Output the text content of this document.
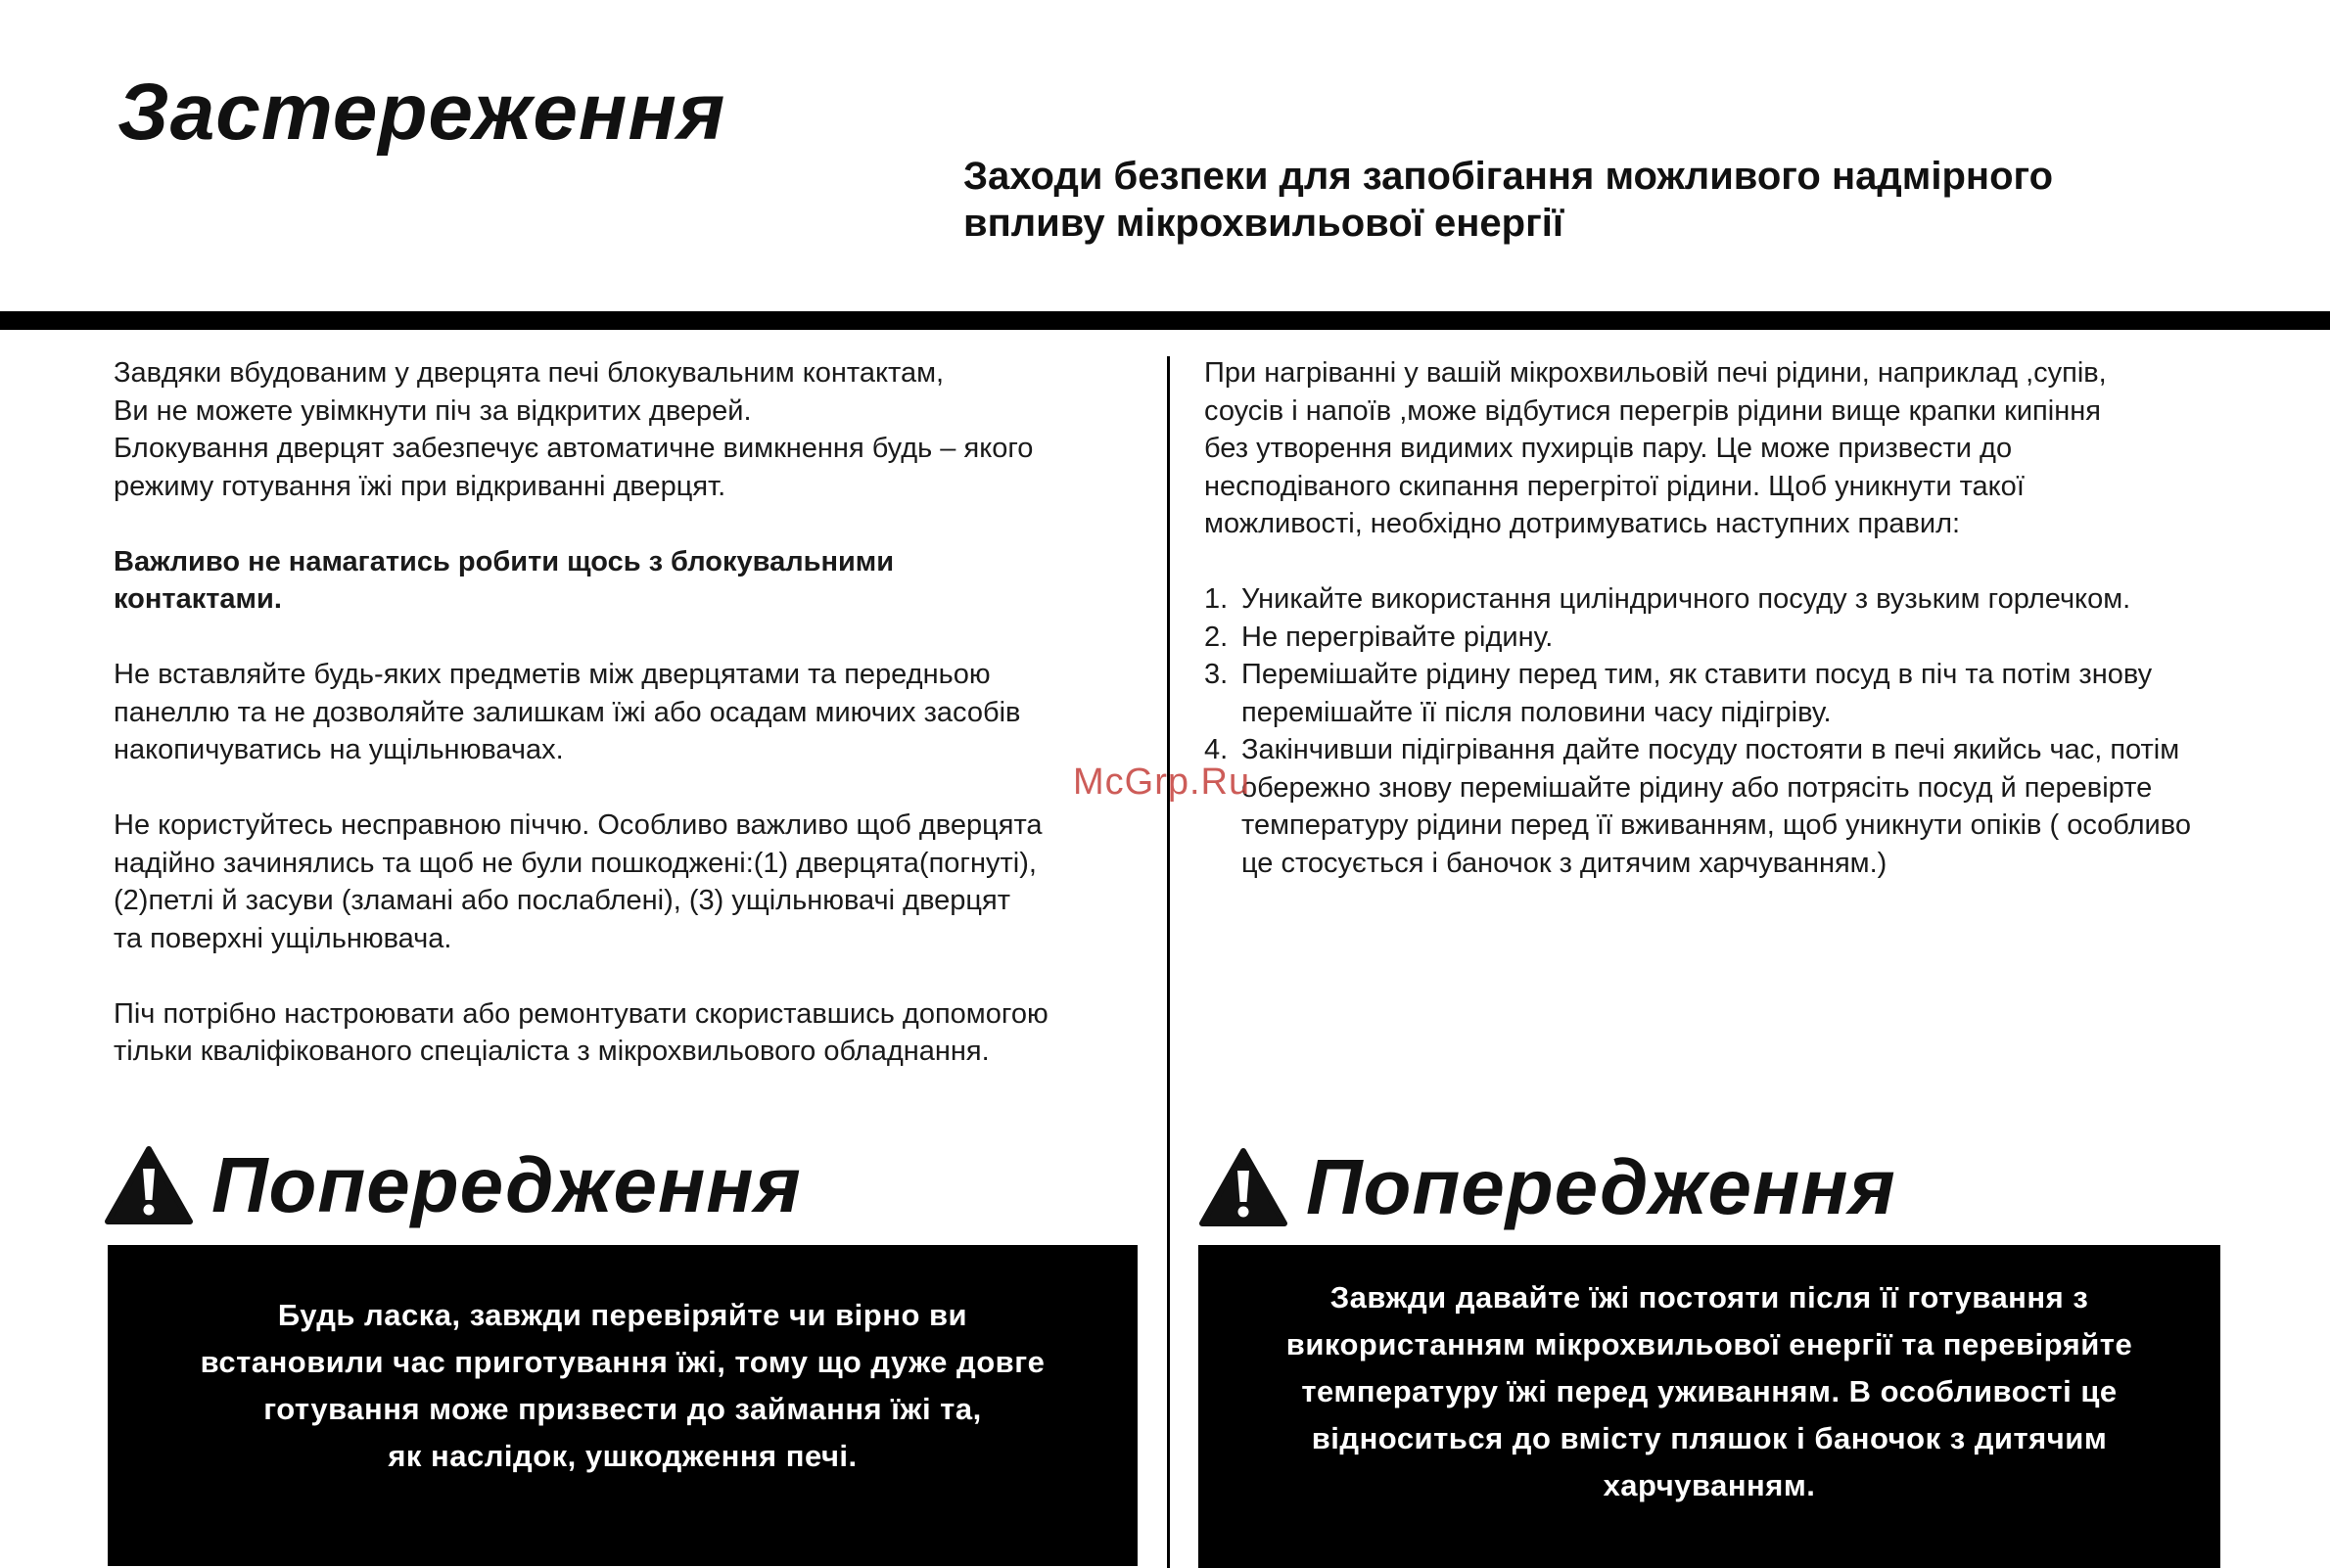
Застереження
Заходи безпеки для запобігання можливого надмірного
впливу мікрохвильової енергії
Завдяки вбудованим у дверцята печі блокувальним контактам,
Ви не можете увімкнути піч за відкритих дверей.
Блокування дверцят забезпечує автоматичне вимкнення будь – якого
режиму готування їжі при відкриванні дверцят.
Важливо не намагатись робити щось з блокувальними
контактами.
Не вставляйте будь-яких предметів між дверцятами та передньою
панеллю та не дозволяйте залишкам їжі або осадам миючих засобів
накопичуватись на ущільнювачах.
Не користуйтесь несправною піччю. Особливо важливо щоб дверцята
надійно зачинялись та щоб не були пошкоджені:(1) дверцята(погнуті),
(2)петлі й засуви (зламані або послаблені), (3) ущільнювачі дверцят
та поверхні ущільнювача.
Піч потрібно настроювати або ремонтувати скориставшись допомогою
тільки кваліфікованого спеціаліста з мікрохвильового обладнання.
При нагріванні у вашій мікрохвильовій печі рідини, наприклад ,супів,
соусів і напоїв ,може відбутися перегрів рідини вище крапки кипіння
без утворення видимих пухирців пару. Це може призвести до
несподіваного скипання перегрітої рідини. Щоб уникнути такої
можливості, необхідно дотримуватись наступних правил:
1. Уникайте використання циліндричного посуду з вузьким горлечком.
2. Не перегрівайте рідину.
3. Перемішайте рідину перед тим, як ставити посуд в піч та потім знову
перемішайте її після половини часу підігріву.
4. Закінчивши підігрівання дайте посуду постояти в печі якийсь час, потім
обережно знову перемішайте рідину або потрясіть посуд й перевірте
температуру рідини перед її вживанням, щоб уникнути опіків ( особливо
це стосується і баночок з дитячим харчуванням.)
McGrp.Ru
Попередження
Будь ласка, завжди перевіряйте чи вірно ви
встановили час приготування їжі, тому що дуже довге
готування може призвести до займання їжі та,
як наслідок, ушкодження печі.
Попередження
Завжди давайте їжі постояти після її готування з
використанням мікрохвильової енергії та перевіряйте
температуру їжі перед уживанням. В особливості це
відноситься до вмісту пляшок і баночок з дитячим
харчуванням.
